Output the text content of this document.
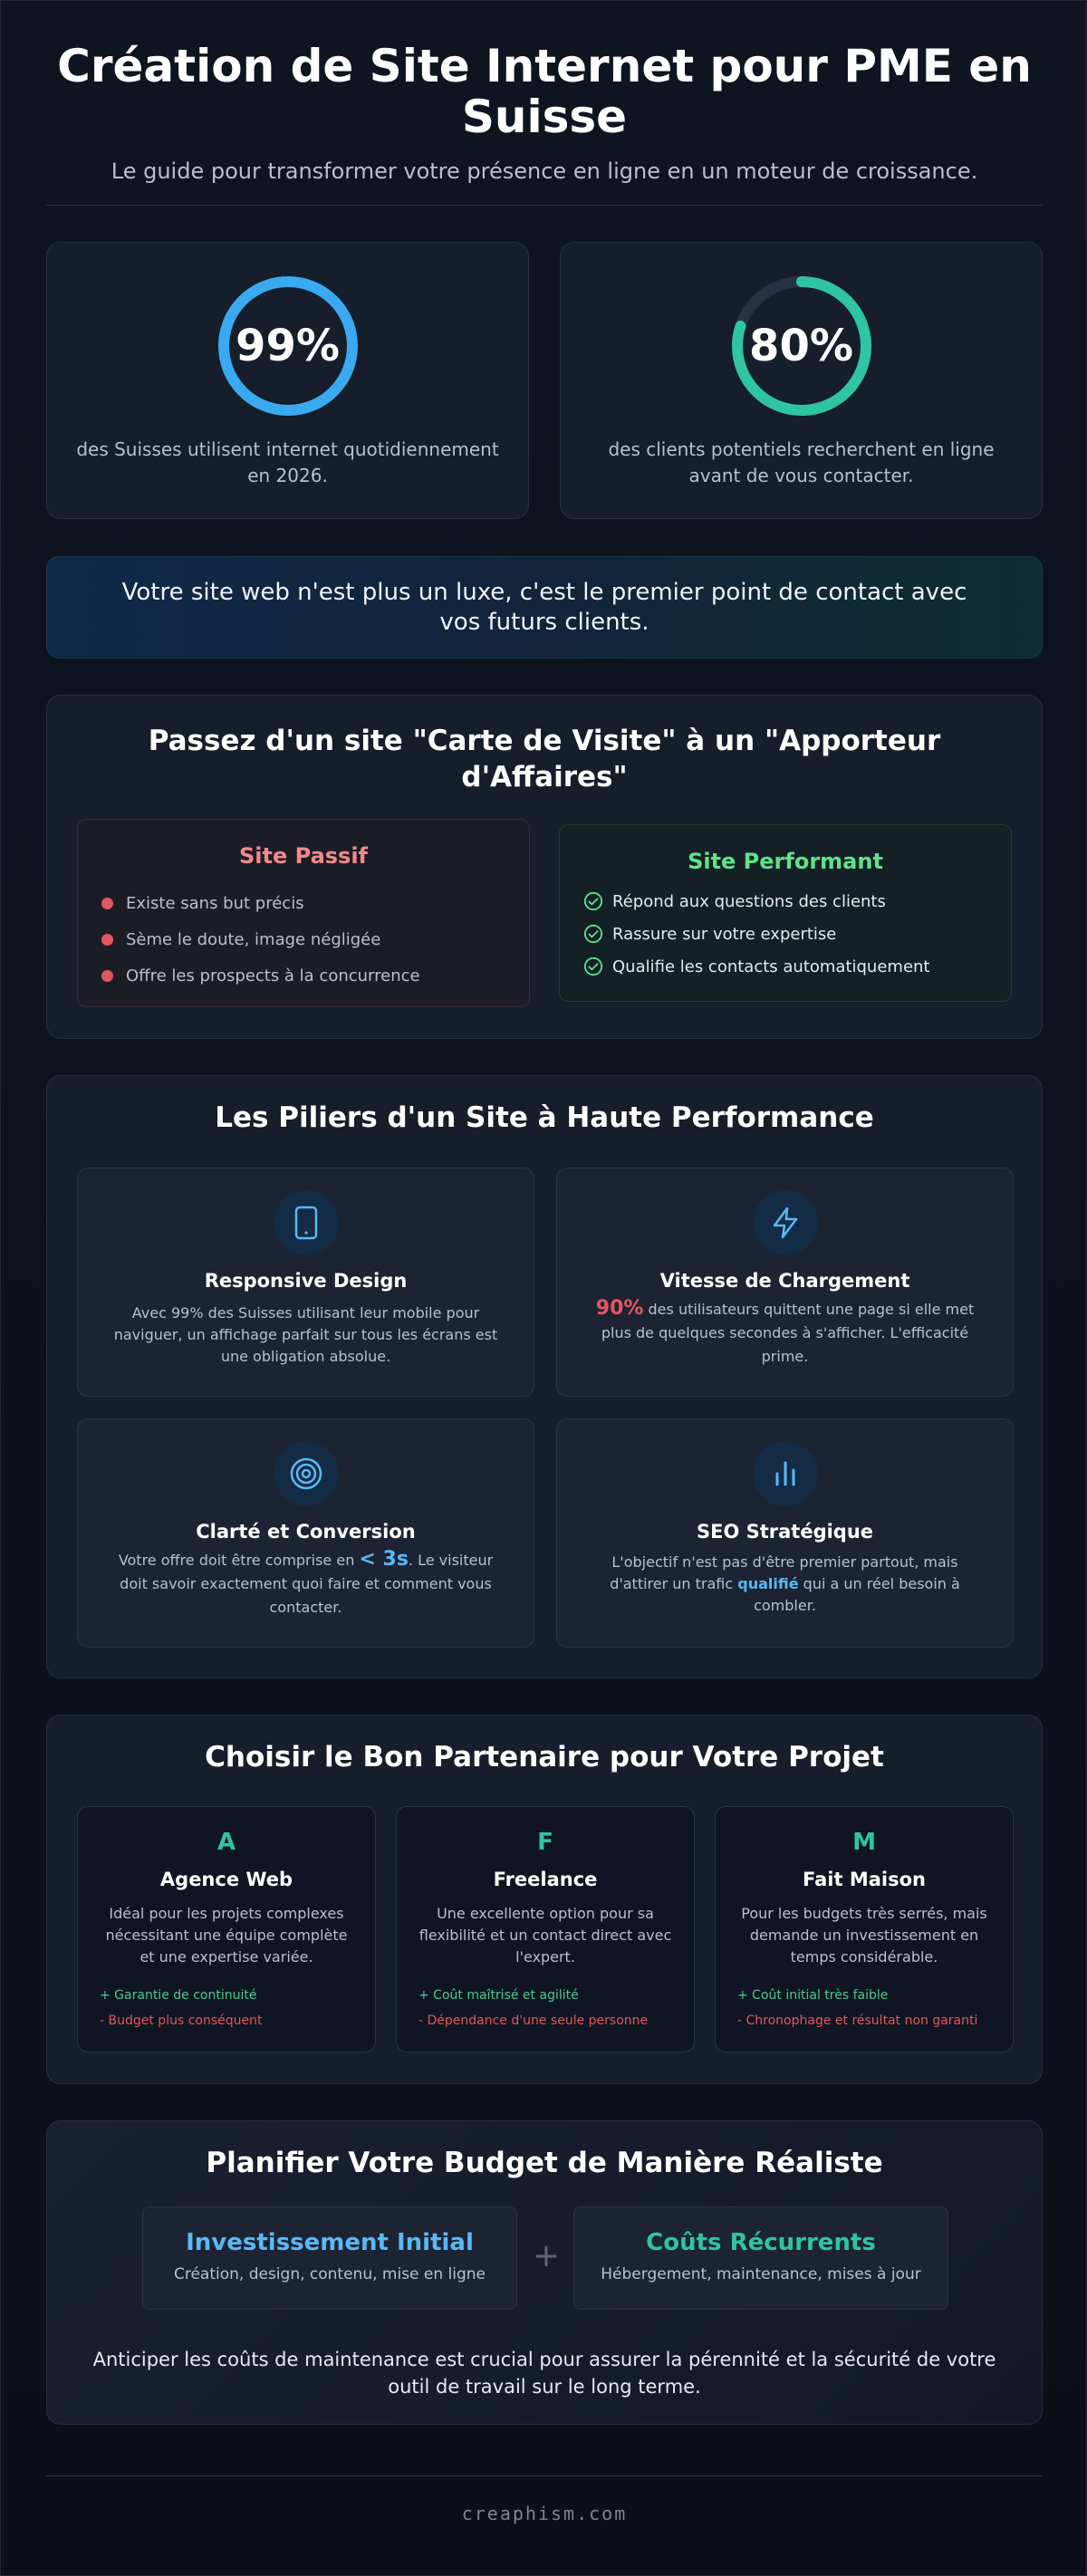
Création de Site Internet pour PME en Suisse
Le guide pour transformer votre présence en ligne en un moteur de croissance.
99%
des Suisses utilisent internet quotidiennement en 2026.
80%
des clients potentiels recherchent en ligne avant de vous contacter.
Votre site web n'est plus un luxe, c'est le premier point de contact avec vos futurs clients.
Passez d'un site "Carte de Visite" à un "Apporteur d'Affaires"
Site Passif
Existe sans but précis
Sème le doute, image négligée
Offre les prospects à la concurrence
Site Performant
Répond aux questions des clients
Rassure sur votre expertise
Qualifie les contacts automatiquement
Les Piliers d'un Site à Haute Performance
Responsive Design
Avec 99% des Suisses utilisant leur mobile pour naviguer, un affichage parfait sur tous les écrans est une obligation absolue.
Vitesse de Chargement
90% des utilisateurs quittent une page si elle met plus de quelques secondes à s'afficher. L'efficacité prime.
Clarté et Conversion
Votre offre doit être comprise en < 3s. Le visiteur doit savoir exactement quoi faire et comment vous contacter.
SEO Stratégique
L'objectif n'est pas d'être premier partout, mais d'attirer un trafic qualifié qui a un réel besoin à combler.
Choisir le Bon Partenaire pour Votre Projet
A
Agence Web
Idéal pour les projets complexes nécessitant une équipe complète et une expertise variée.
+ Garantie de continuité
- Budget plus conséquent
F
Freelance
Une excellente option pour sa flexibilité et un contact direct avec l'expert.
+ Coût maîtrisé et agilité
- Dépendance d'une seule personne
M
Fait Maison
Pour les budgets très serrés, mais demande un investissement en temps considérable.
+ Coût initial très faible
- Chronophage et résultat non garanti
Planifier Votre Budget de Manière Réaliste
Investissement Initial
Création, design, contenu, mise en ligne	+	Coûts Récurrents
Hébergement, maintenance, mises à jour
Anticiper les coûts de maintenance est crucial pour assurer la pérennité et la sécurité de votre outil de travail sur le long terme.
creaphism.com
